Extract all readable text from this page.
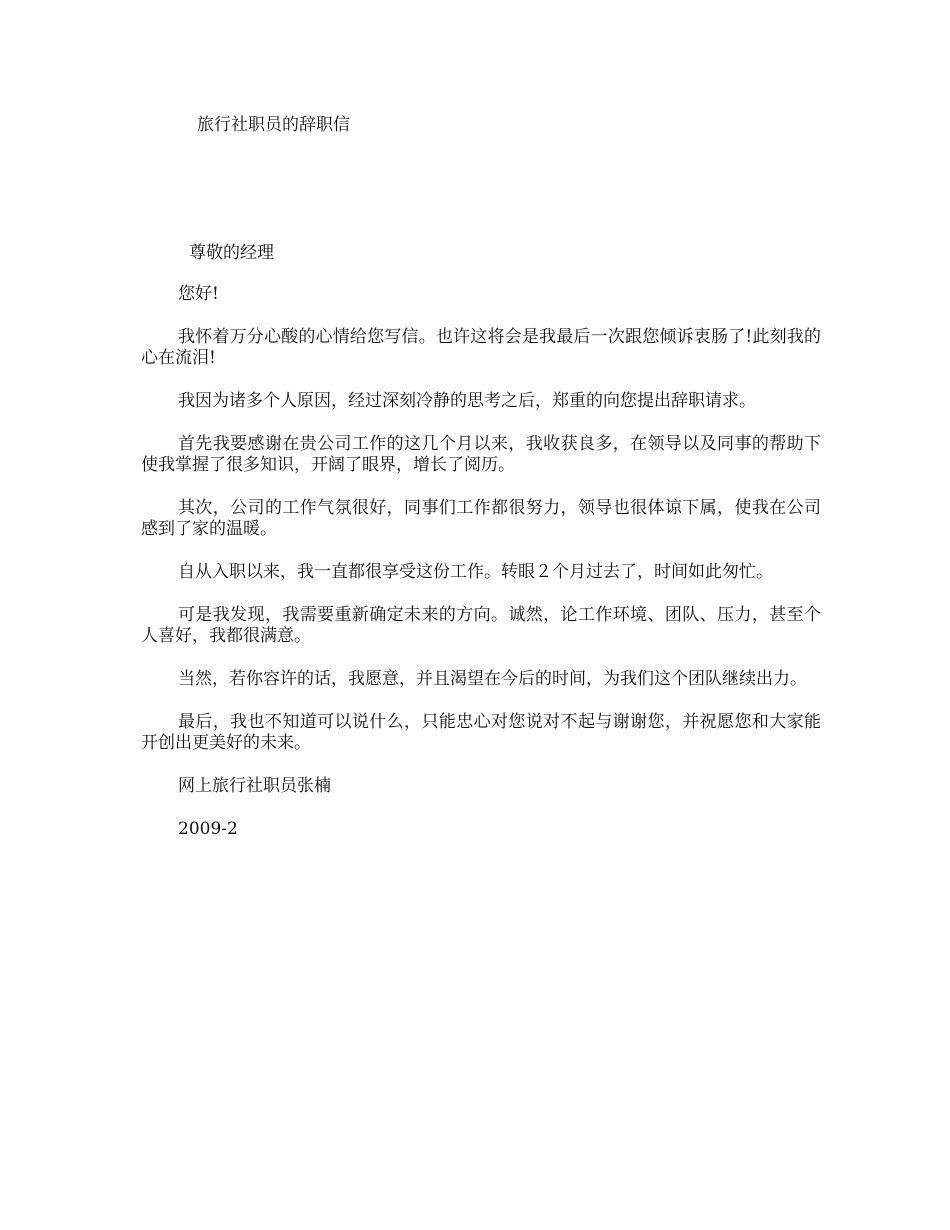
旅行社职员的辞职信
尊敬的经理

您好!

我怀着万分心酸的心情给您写信。也许这将会是我最后一次跟您倾诉衷肠了!此刻我的心在流泪!

我因为诸多个人原因，经过深刻冷静的思考之后，郑重的向您提出辞职请求。

首先我要感谢在贵公司工作的这几个月以来，我收获良多，在领导以及同事的帮助下使我掌握了很多知识，开阔了眼界，增长了阅历。

其次，公司的工作气氛很好，同事们工作都很努力，领导也很体谅下属，使我在公司感到了家的温暖。

自从入职以来，我一直都很享受这份工作。转眼２个月过去了，时间如此匆忙。

可是我发现，我需要重新确定未来的方向。诚然，论工作环境、团队、压力，甚至个人喜好，我都很满意。

当然，若你容许的话，我愿意，并且渴望在今后的时间，为我们这个团队继续出力。

最后，我也不知道可以说什么，只能忠心对您说对不起与谢谢您，并祝愿您和大家能开创出更美好的未来。

网上旅行社职员张楠

2009-2
